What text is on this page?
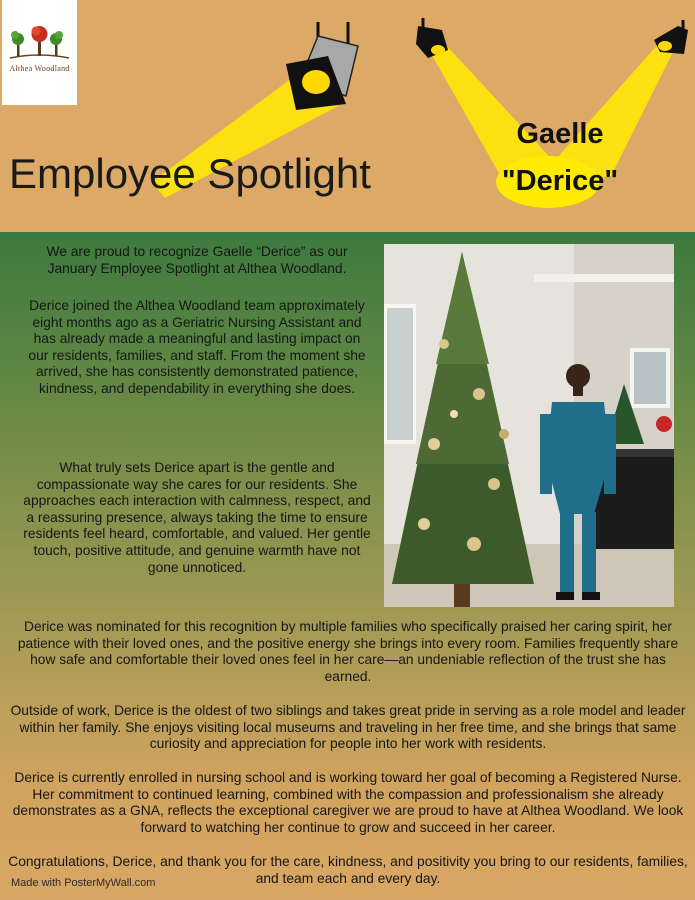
Althea Woodland
Employee Spotlight
Gaelle
"Derice"

We are proud to recognize Gaelle “Derice” as our January Employee Spotlight at Althea Woodland.

Derice joined the Althea Woodland team approximately eight months ago as a Geriatric Nursing Assistant and has already made a meaningful and lasting impact on our residents, families, and staff. From the moment she arrived, she has consistently demonstrated patience, kindness, and dependability in everything she does.

What truly sets Derice apart is the gentle and compassionate way she cares for our residents. She approaches each interaction with calmness, respect, and a reassuring presence, always taking the time to ensure residents feel heard, comfortable, and valued. Her gentle touch, positive attitude, and genuine warmth have not gone unnoticed.

Derice was nominated for this recognition by multiple families who specifically praised her caring spirit, her patience with their loved ones, and the positive energy she brings into every room. Families frequently share how safe and comfortable their loved ones feel in her care—an undeniable reflection of the trust she has earned.

Outside of work, Derice is the oldest of two siblings and takes great pride in serving as a role model and leader within her family. She enjoys visiting local museums and traveling in her free time, and she brings that same curiosity and appreciation for people into her work with residents.

Derice is currently enrolled in nursing school and is working toward her goal of becoming a Registered Nurse. Her commitment to continued learning, combined with the compassion and professionalism she already demonstrates as a GNA, reflects the exceptional caregiver we are proud to have at Althea Woodland. We look forward to watching her continue to grow and succeed in her career.

Congratulations, Derice, and thank you for the care, kindness, and positivity you bring to our residents, families, and team each and every day.

Made with PosterMyWall.com
